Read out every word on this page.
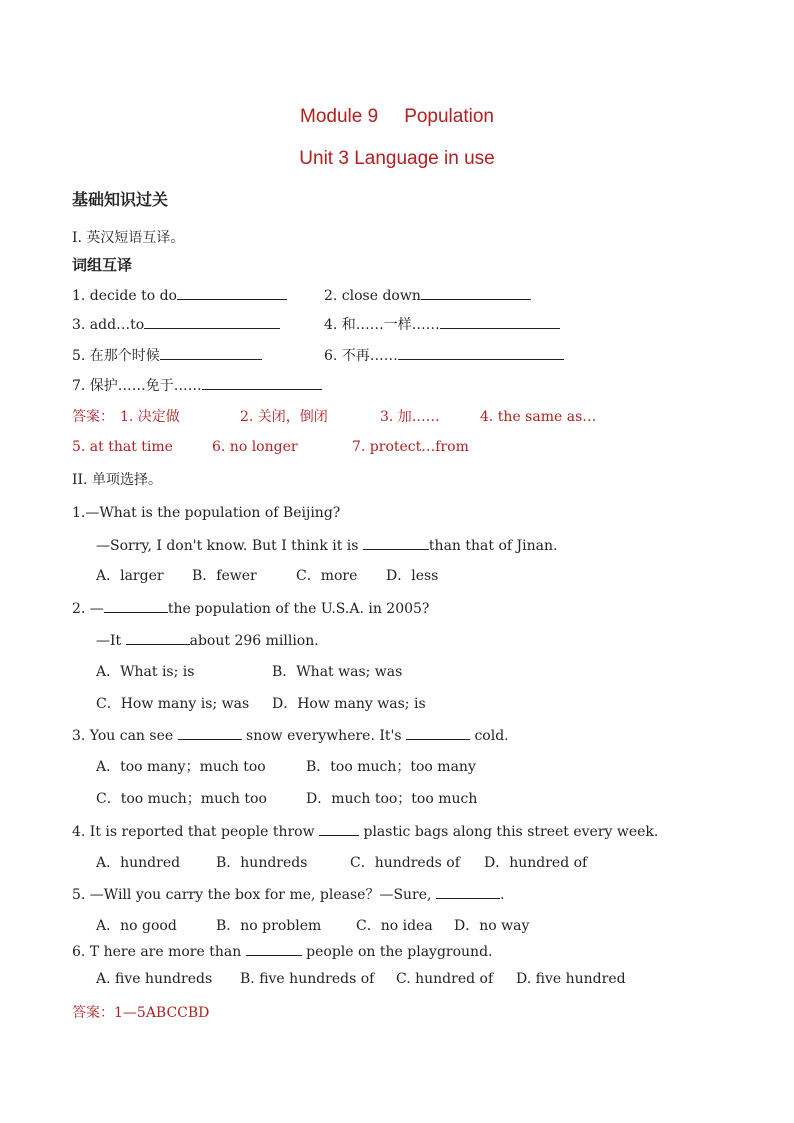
Module 9 Population
Unit 3 Language in use
基础知识过关
I. 英汉短语互译。
词组互译
1. decide to do	2. close down
3. add…to	4. 和……一样……
5. 在那个时候	6. 不再……
7. 保护……免于……
答案： 1. 决定做	2. 关闭，倒闭	3. 加……	4. the same as…
5. at that time	6. no longer	7. protect…from
II. 单项选择。
1.—What is the population of Beijing?
—Sorry, I don't know. But I think it is	than that of Jinan.
A．larger B．fewer	C．more D．less
2. —	the population of the U.S.A. in 2005?
—It	about 296 million.
A．What is; is	B．What was; was
C．How many is; was D．How many was; is
3. You can see	snow everywhere. It's	cold.
A．too many；much too	B．too much；too many
C．too much；much too	D．much too；too much
4. It is reported that people throw	plastic bags along this street every week.
A．hundred	B．hundreds	C．hundreds of D．hundred of
5. —Will you carry the box for me, please？—Sure,	.
A．no good	B．no problem C．no idea D．no way
6. T here are more than	people on the playground.
A. five hundreds B. five hundreds of C. hundred of D. five hundred
答案：1—5ABCCBD
